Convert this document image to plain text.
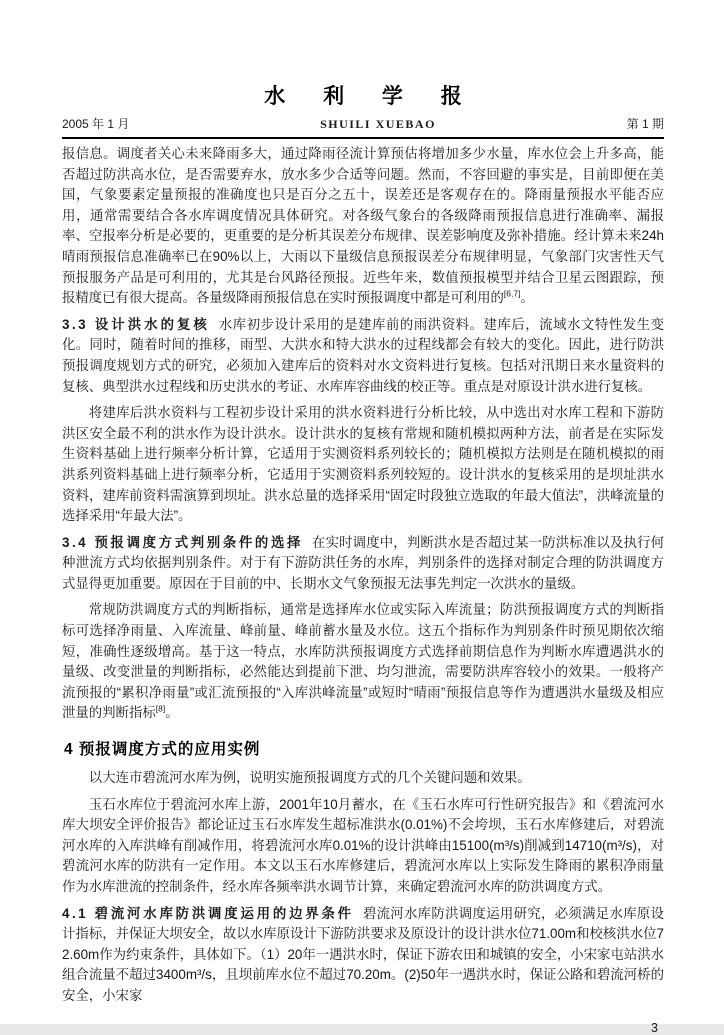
水 利 学 报
2005 年 1 月	SHUILI XUEBAO	第 1 期

报信息。调度者关心未来降雨多大，通过降雨径流计算预估将增加多少水量，库水位会上升多高，能否超过防洪高水位，是否需要弃水，放水多少合适等问题。然而，不容回避的事实是，目前即便在美国，气象要素定量预报的准确度也只是百分之五十，误差还是客观存在的。降雨量预报水平能否应用，通常需要结合各水库调度情况具体研究。对各级气象台的各级降雨预报信息进行准确率、漏报率、空报率分析是必要的，更重要的是分析其误差分布规律、误差影响度及弥补措施。经计算未来24h晴雨预报信息准确率已在90%以上，大雨以下量级信息预报误差分布规律明显，气象部门灾害性天气预报服务产品是可利用的，尤其是台风路径预报。近些年来，数值预报模型并结合卫星云图跟踪，预报精度已有很大提高。各量级降雨预报信息在实时预报调度中都是可利用的[6,7]。

3.3 设计洪水的复核 水库初步设计采用的是建库前的雨洪资料。建库后，流域水文特性发生变化。同时，随着时间的推移，雨型、大洪水和特大洪水的过程线都会有较大的变化。因此，进行防洪预报调度规划方式的研究，必须加入建库后的资料对水文资料进行复核。包括对汛期日来水量资料的复核、典型洪水过程线和历史洪水的考证、水库库容曲线的校正等。重点是对原设计洪水进行复核。

将建库后洪水资料与工程初步设计采用的洪水资料进行分析比较，从中选出对水库工程和下游防洪区安全最不利的洪水作为设计洪水。设计洪水的复核有常规和随机模拟两种方法，前者是在实际发生资料基础上进行频率分析计算，它适用于实测资料系列较长的；随机模拟方法则是在随机模拟的雨洪系列资料基础上进行频率分析，它适用于实测资料系列较短的。设计洪水的复核采用的是坝址洪水资料，建库前资料需演算到坝址。洪水总量的选择采用“固定时段独立选取的年最大值法”，洪峰流量的选择采用“年最大法”。

3.4 预报调度方式判别条件的选择 在实时调度中，判断洪水是否超过某一防洪标准以及执行何种泄流方式均依据判别条件。对于有下游防洪任务的水库，判别条件的选择对制定合理的防洪调度方式显得更加重要。原因在于目前的中、长期水文气象预报无法事先判定一次洪水的量级。

常规防洪调度方式的判断指标，通常是选择库水位或实际入库流量；防洪预报调度方式的判断指标可选择净雨量、入库流量、峰前量、峰前蓄水量及水位。这五个指标作为判别条件时预见期依次缩短，准确性逐级增高。基于这一特点，水库防洪预报调度方式选择前期信息作为判断水库遭遇洪水的量级、改变泄量的判断指标，必然能达到提前下泄、均匀泄流，需要防洪库容较小的效果。一般将产流预报的“累积净雨量”或汇流预报的“入库洪峰流量”或短时“晴雨”预报信息等作为遭遇洪水量级及相应泄量的判断指标[8]。

4 预报调度方式的应用实例

以大连市碧流河水库为例，说明实施预报调度方式的几个关键问题和效果。

玉石水库位于碧流河水库上游，2001年10月蓄水，在《玉石水库可行性研究报告》和《碧流河水库大坝安全评价报告》都论证过玉石水库发生超标准洪水(0.01%)不会垮坝，玉石水库修建后，对碧流河水库的入库洪峰有削减作用，将碧流河水库0.01%的设计洪峰由15100(m³/s)削减到14710(m³/s)，对碧流河水库的防洪有一定作用。本文以玉石水库修建后，碧流河水库以上实际发生降雨的累积净雨量作为水库泄流的控制条件，经水库各频率洪水调节计算，来确定碧流河水库的防洪调度方式。

4.1 碧流河水库防洪调度运用的边界条件 碧流河水库防洪调度运用研究，必须满足水库原设计指标，并保证大坝安全，故以水库原设计下游防洪要求及原设计的设计洪水位71.00m和校核洪水位72.60m作为约束条件，具体如下。（1）20年一遇洪水时，保证下游农田和城镇的安全，小宋家屯站洪水组合流量不超过3400m³/s，且坝前库水位不超过70.20m。(2)50年一遇洪水时，保证公路和碧流河桥的安全，小宋家

3
